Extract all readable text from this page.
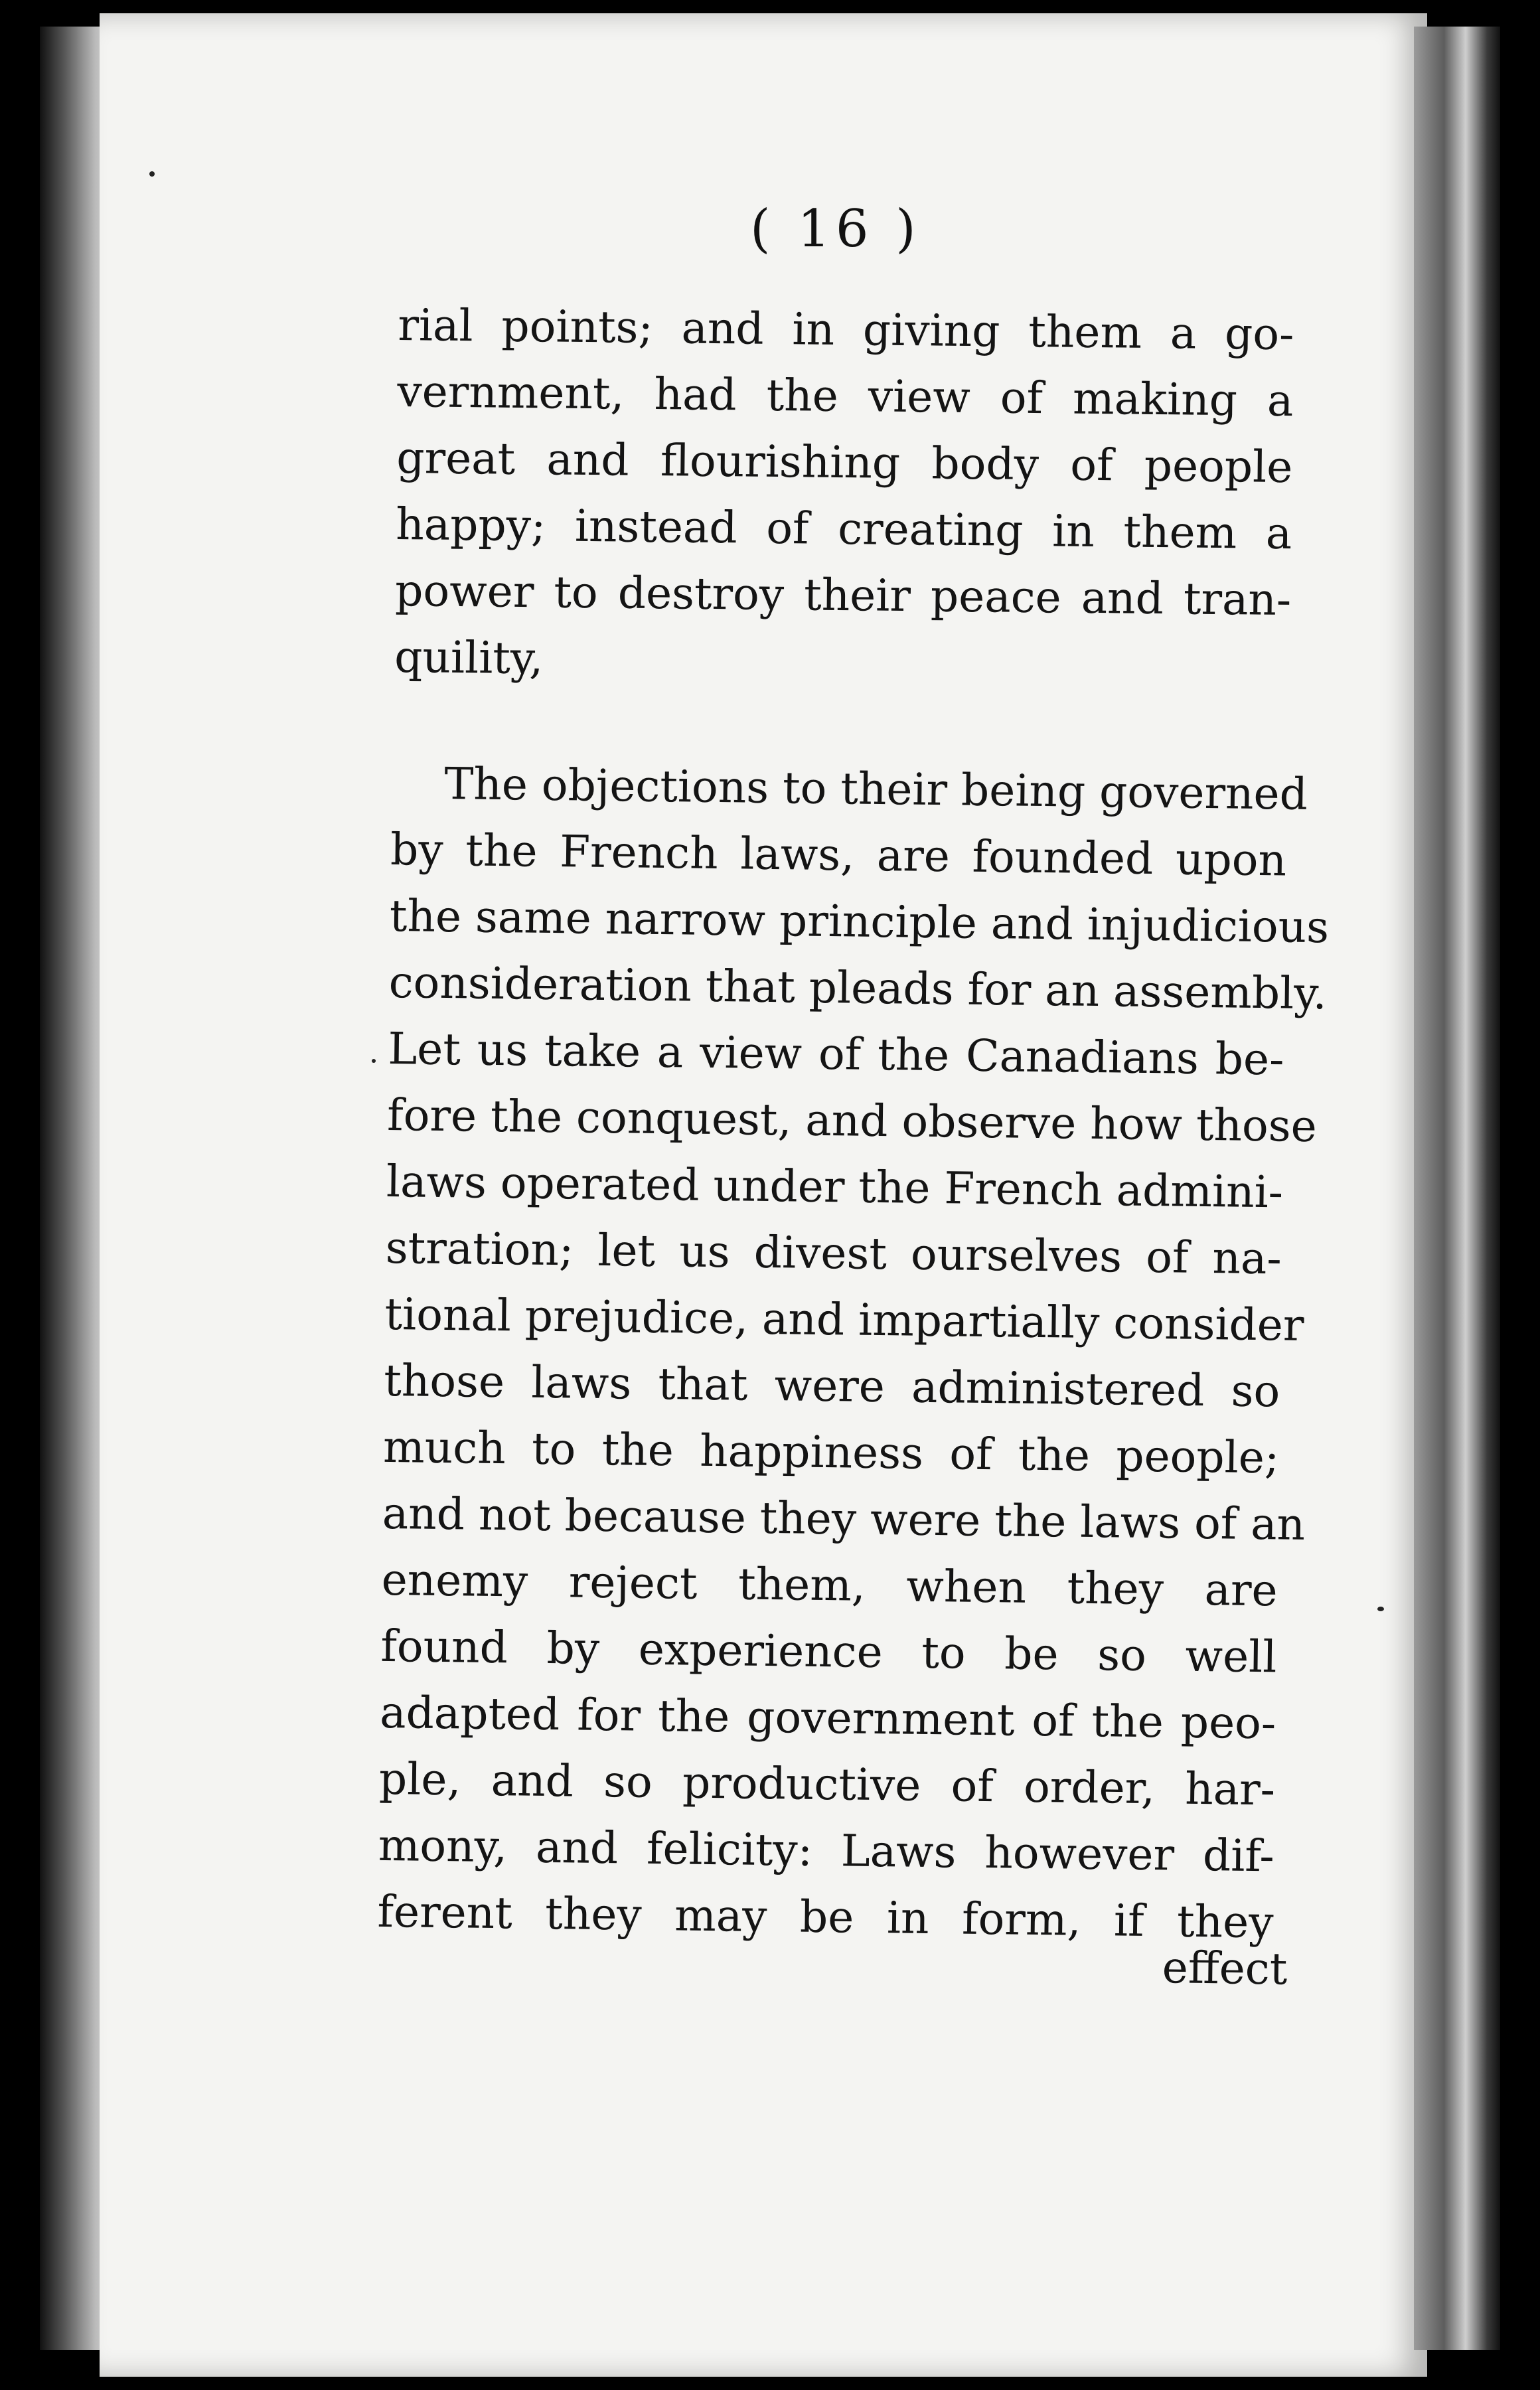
( 16 )
rial points; and in giving them a go-
vernment, had the view of making a
great and flourishing body of people
happy; instead of creating in them a
power to destroy their peace and tran-
quility,
The objections to their being governed
by the French laws, are founded upon
the same narrow principle and injudicious
consideration that pleads for an assembly.
Let us take a view of the Canadians be-
fore the conquest, and observe how those
laws operated under the French admini-
stration; let us divest ourselves of na-
tional prejudice, and impartially consider
those laws that were administered so
much to the happiness of the people;
and not because they were the laws of an
enemy reject them, when they are
found by experience to be so well
adapted for the government of the peo-
ple, and so productive of order, har-
mony, and felicity: Laws however dif-
ferent they may be in form, if they
effect
